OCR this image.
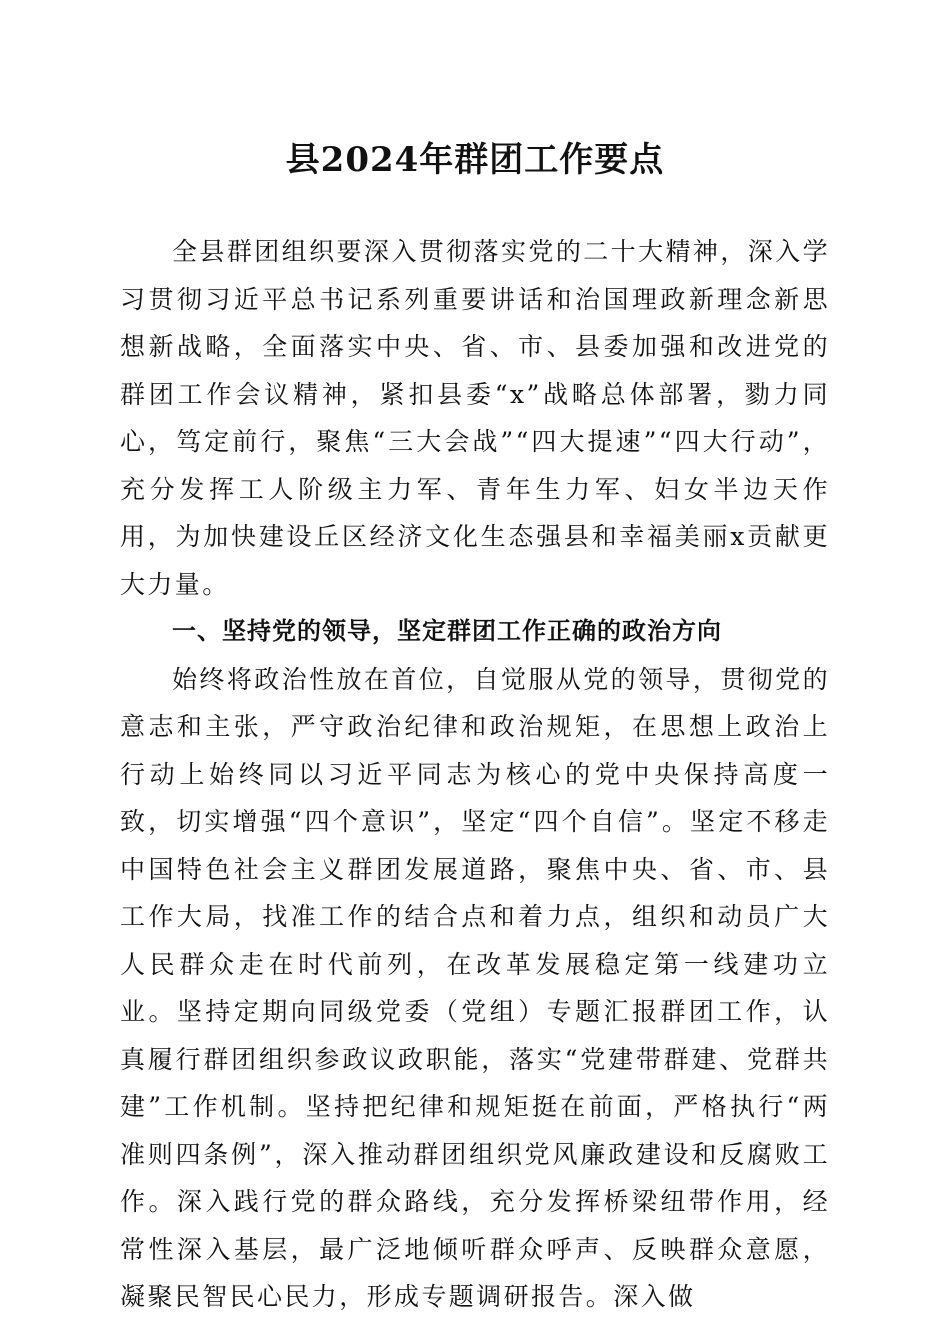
县2024年群团工作要点

全县群团组织要深入贯彻落实党的二十大精神，深入学习贯彻习近平总书记系列重要讲话和治国理政新理念新思想新战略，全面落实中央、省、市、县委加强和改进党的群团工作会议精神，紧扣县委“x”战略总体部署，勠力同心，笃定前行，聚焦“三大会战”“四大提速”“四大行动”，充分发挥工人阶级主力军、青年生力军、妇女半边天作用，为加快建设丘区经济文化生态强县和幸福美丽x贡献更大力量。

一、坚持党的领导，坚定群团工作正确的政治方向

始终将政治性放在首位，自觉服从党的领导，贯彻党的意志和主张，严守政治纪律和政治规矩，在思想上政治上行动上始终同以习近平同志为核心的党中央保持高度一致，切实增强“四个意识”，坚定“四个自信”。坚定不移走中国特色社会主义群团发展道路，聚焦中央、省、市、县工作大局，找准工作的结合点和着力点，组织和动员广大人民群众走在时代前列，在改革发展稳定第一线建功立业。坚持定期向同级党委（党组）专题汇报群团工作，认真履行群团组织参政议政职能，落实“党建带群建、党群共建”工作机制。坚持把纪律和规矩挺在前面，严格执行“两准则四条例”，深入推动群团组织党风廉政建设和反腐败工作。深入践行党的群众路线，充分发挥桥梁纽带作用，经常性深入基层，最广泛地倾听群众呼声、反映群众意愿，凝聚民智民心民力，形成专题调研报告。深入做
